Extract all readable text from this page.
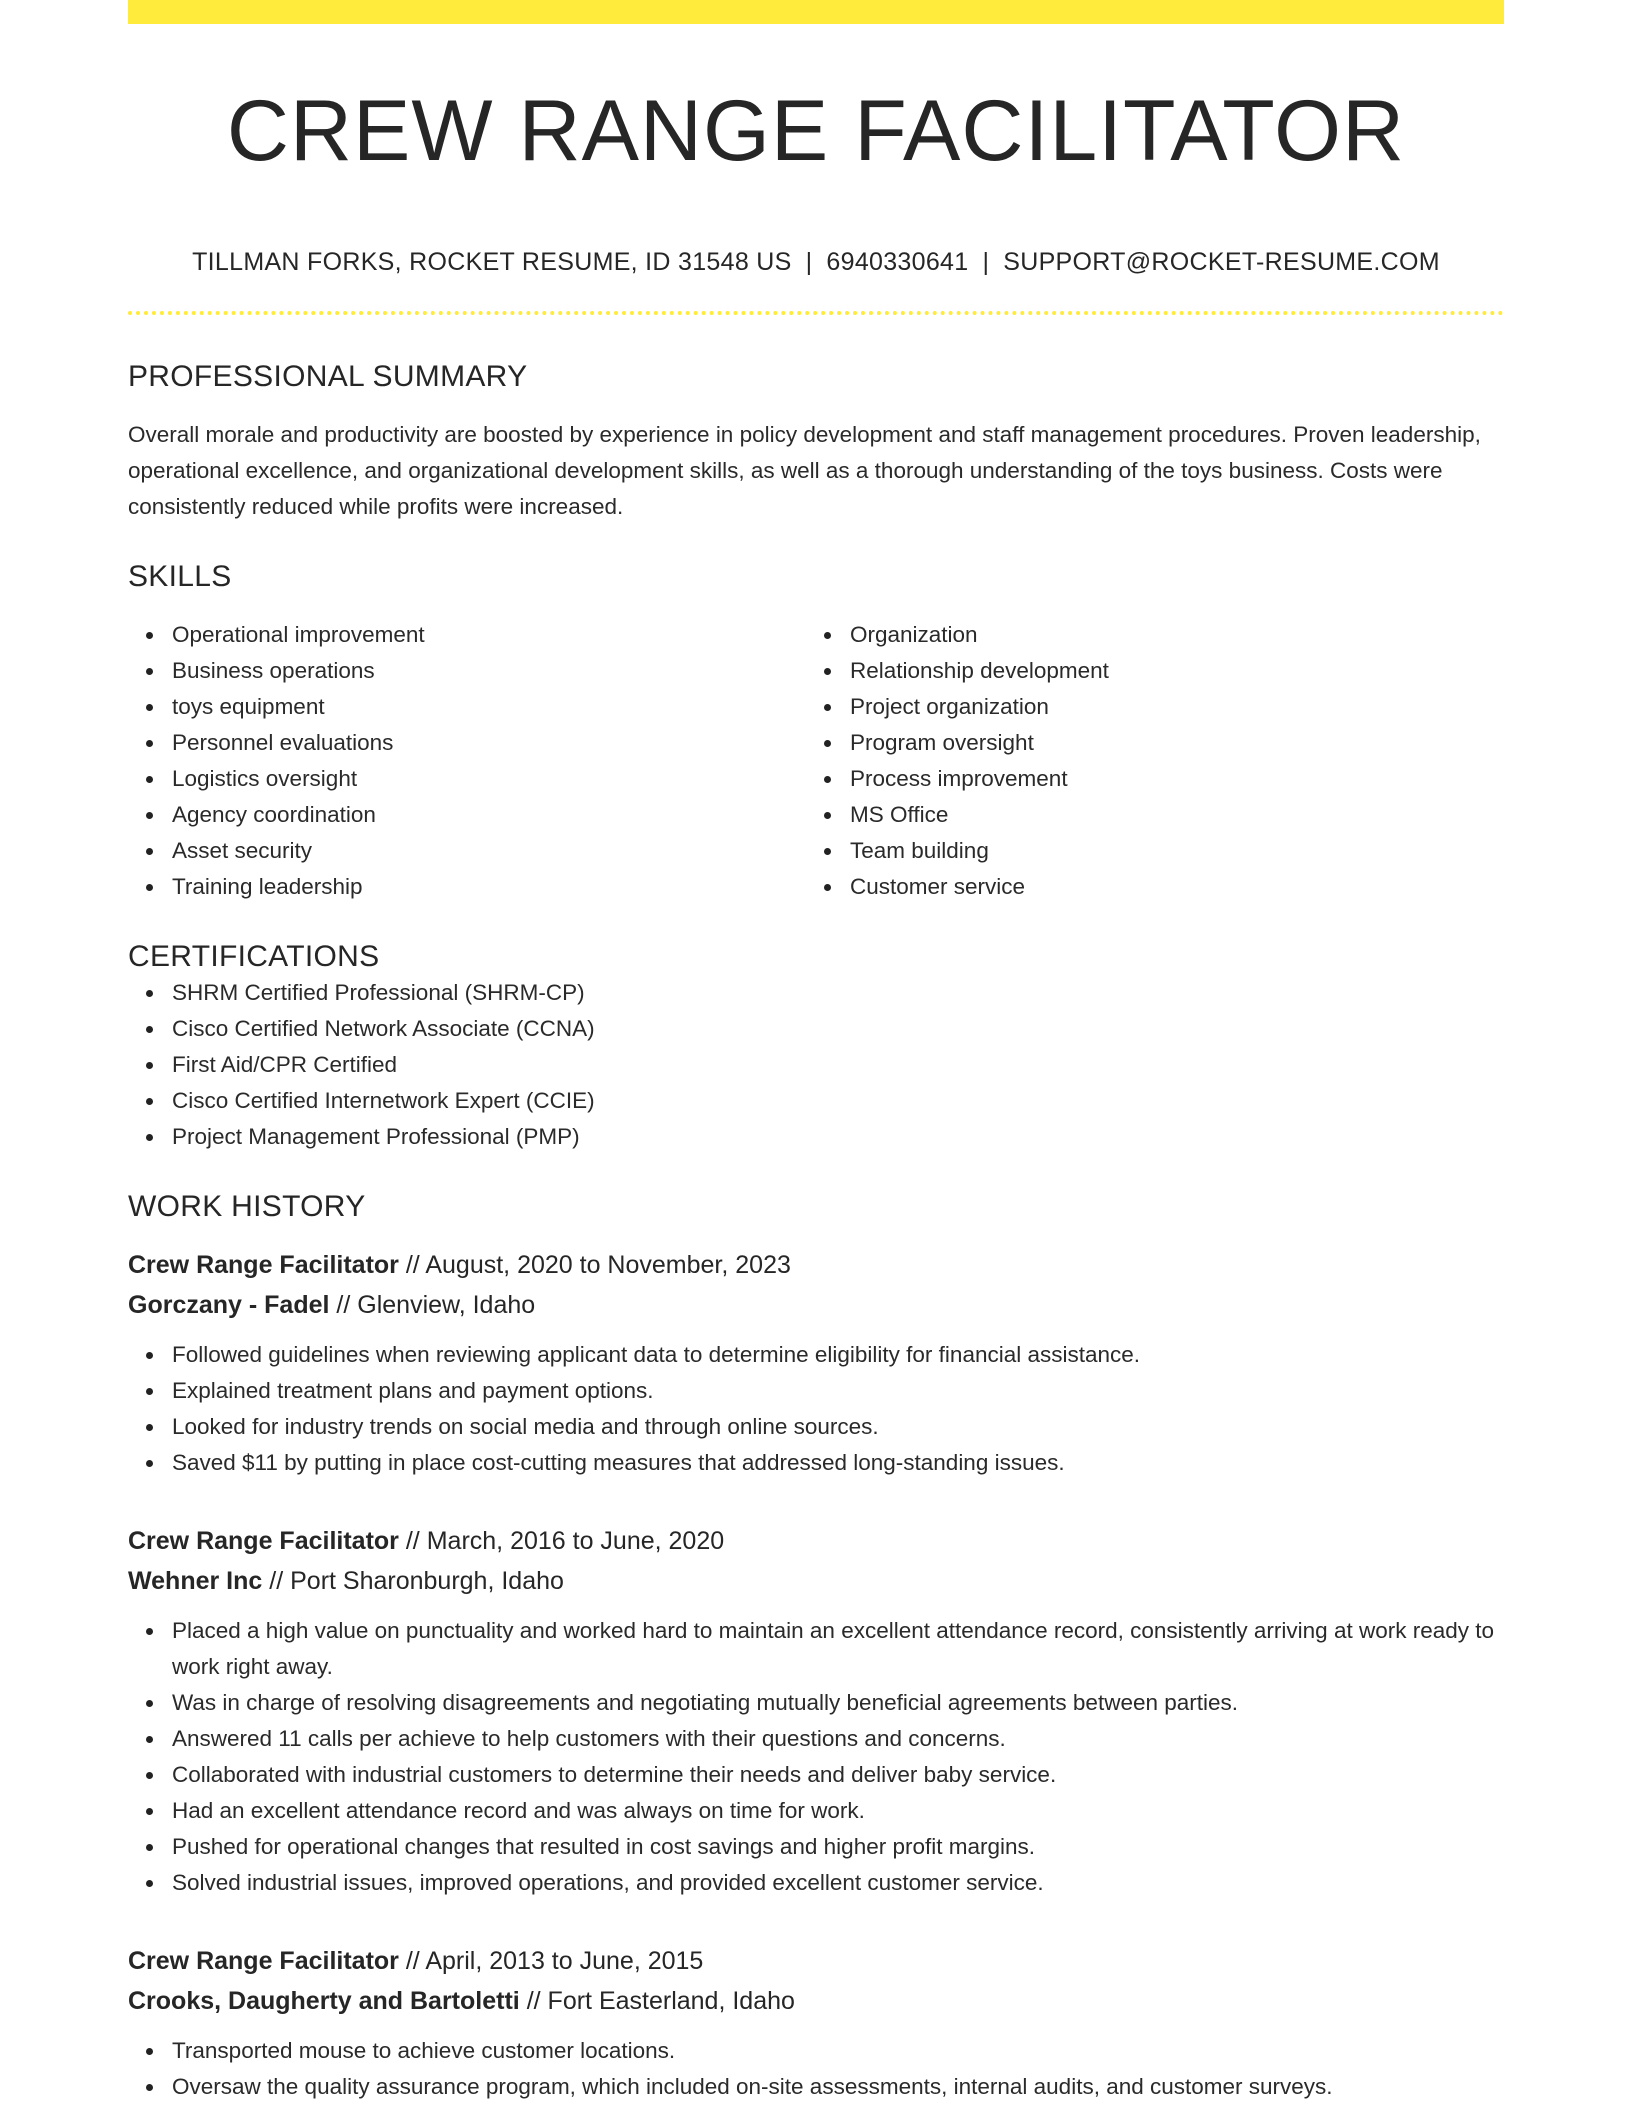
CREW RANGE FACILITATOR
TILLMAN FORKS, ROCKET RESUME, ID 31548 US | 6940330641 | SUPPORT@ROCKET-RESUME.COM
PROFESSIONAL SUMMARY
Overall morale and productivity are boosted by experience in policy development and staff management procedures. Proven leadership, operational excellence, and organizational development skills, as well as a thorough understanding of the toys business. Costs were consistently reduced while profits were increased.
SKILLS
Operational improvement
Business operations
toys equipment
Personnel evaluations
Logistics oversight
Agency coordination
Asset security
Training leadership
Organization
Relationship development
Project organization
Program oversight
Process improvement
MS Office
Team building
Customer service
CERTIFICATIONS
SHRM Certified Professional (SHRM-CP)
Cisco Certified Network Associate (CCNA)
First Aid/CPR Certified
Cisco Certified Internetwork Expert (CCIE)
Project Management Professional (PMP)
WORK HISTORY
Crew Range Facilitator // August, 2020 to November, 2023
Gorczany - Fadel // Glenview, Idaho
Followed guidelines when reviewing applicant data to determine eligibility for financial assistance.
Explained treatment plans and payment options.
Looked for industry trends on social media and through online sources.
Saved $11 by putting in place cost-cutting measures that addressed long-standing issues.
Crew Range Facilitator // March, 2016 to June, 2020
Wehner Inc // Port Sharonburgh, Idaho
Placed a high value on punctuality and worked hard to maintain an excellent attendance record, consistently arriving at work ready to work right away.
Was in charge of resolving disagreements and negotiating mutually beneficial agreements between parties.
Answered 11 calls per achieve to help customers with their questions and concerns.
Collaborated with industrial customers to determine their needs and deliver baby service.
Had an excellent attendance record and was always on time for work.
Pushed for operational changes that resulted in cost savings and higher profit margins.
Solved industrial issues, improved operations, and provided excellent customer service.
Crew Range Facilitator // April, 2013 to June, 2015
Crooks, Daugherty and Bartoletti // Fort Easterland, Idaho
Transported mouse to achieve customer locations.
Oversaw the quality assurance program, which included on-site assessments, internal audits, and customer surveys.
